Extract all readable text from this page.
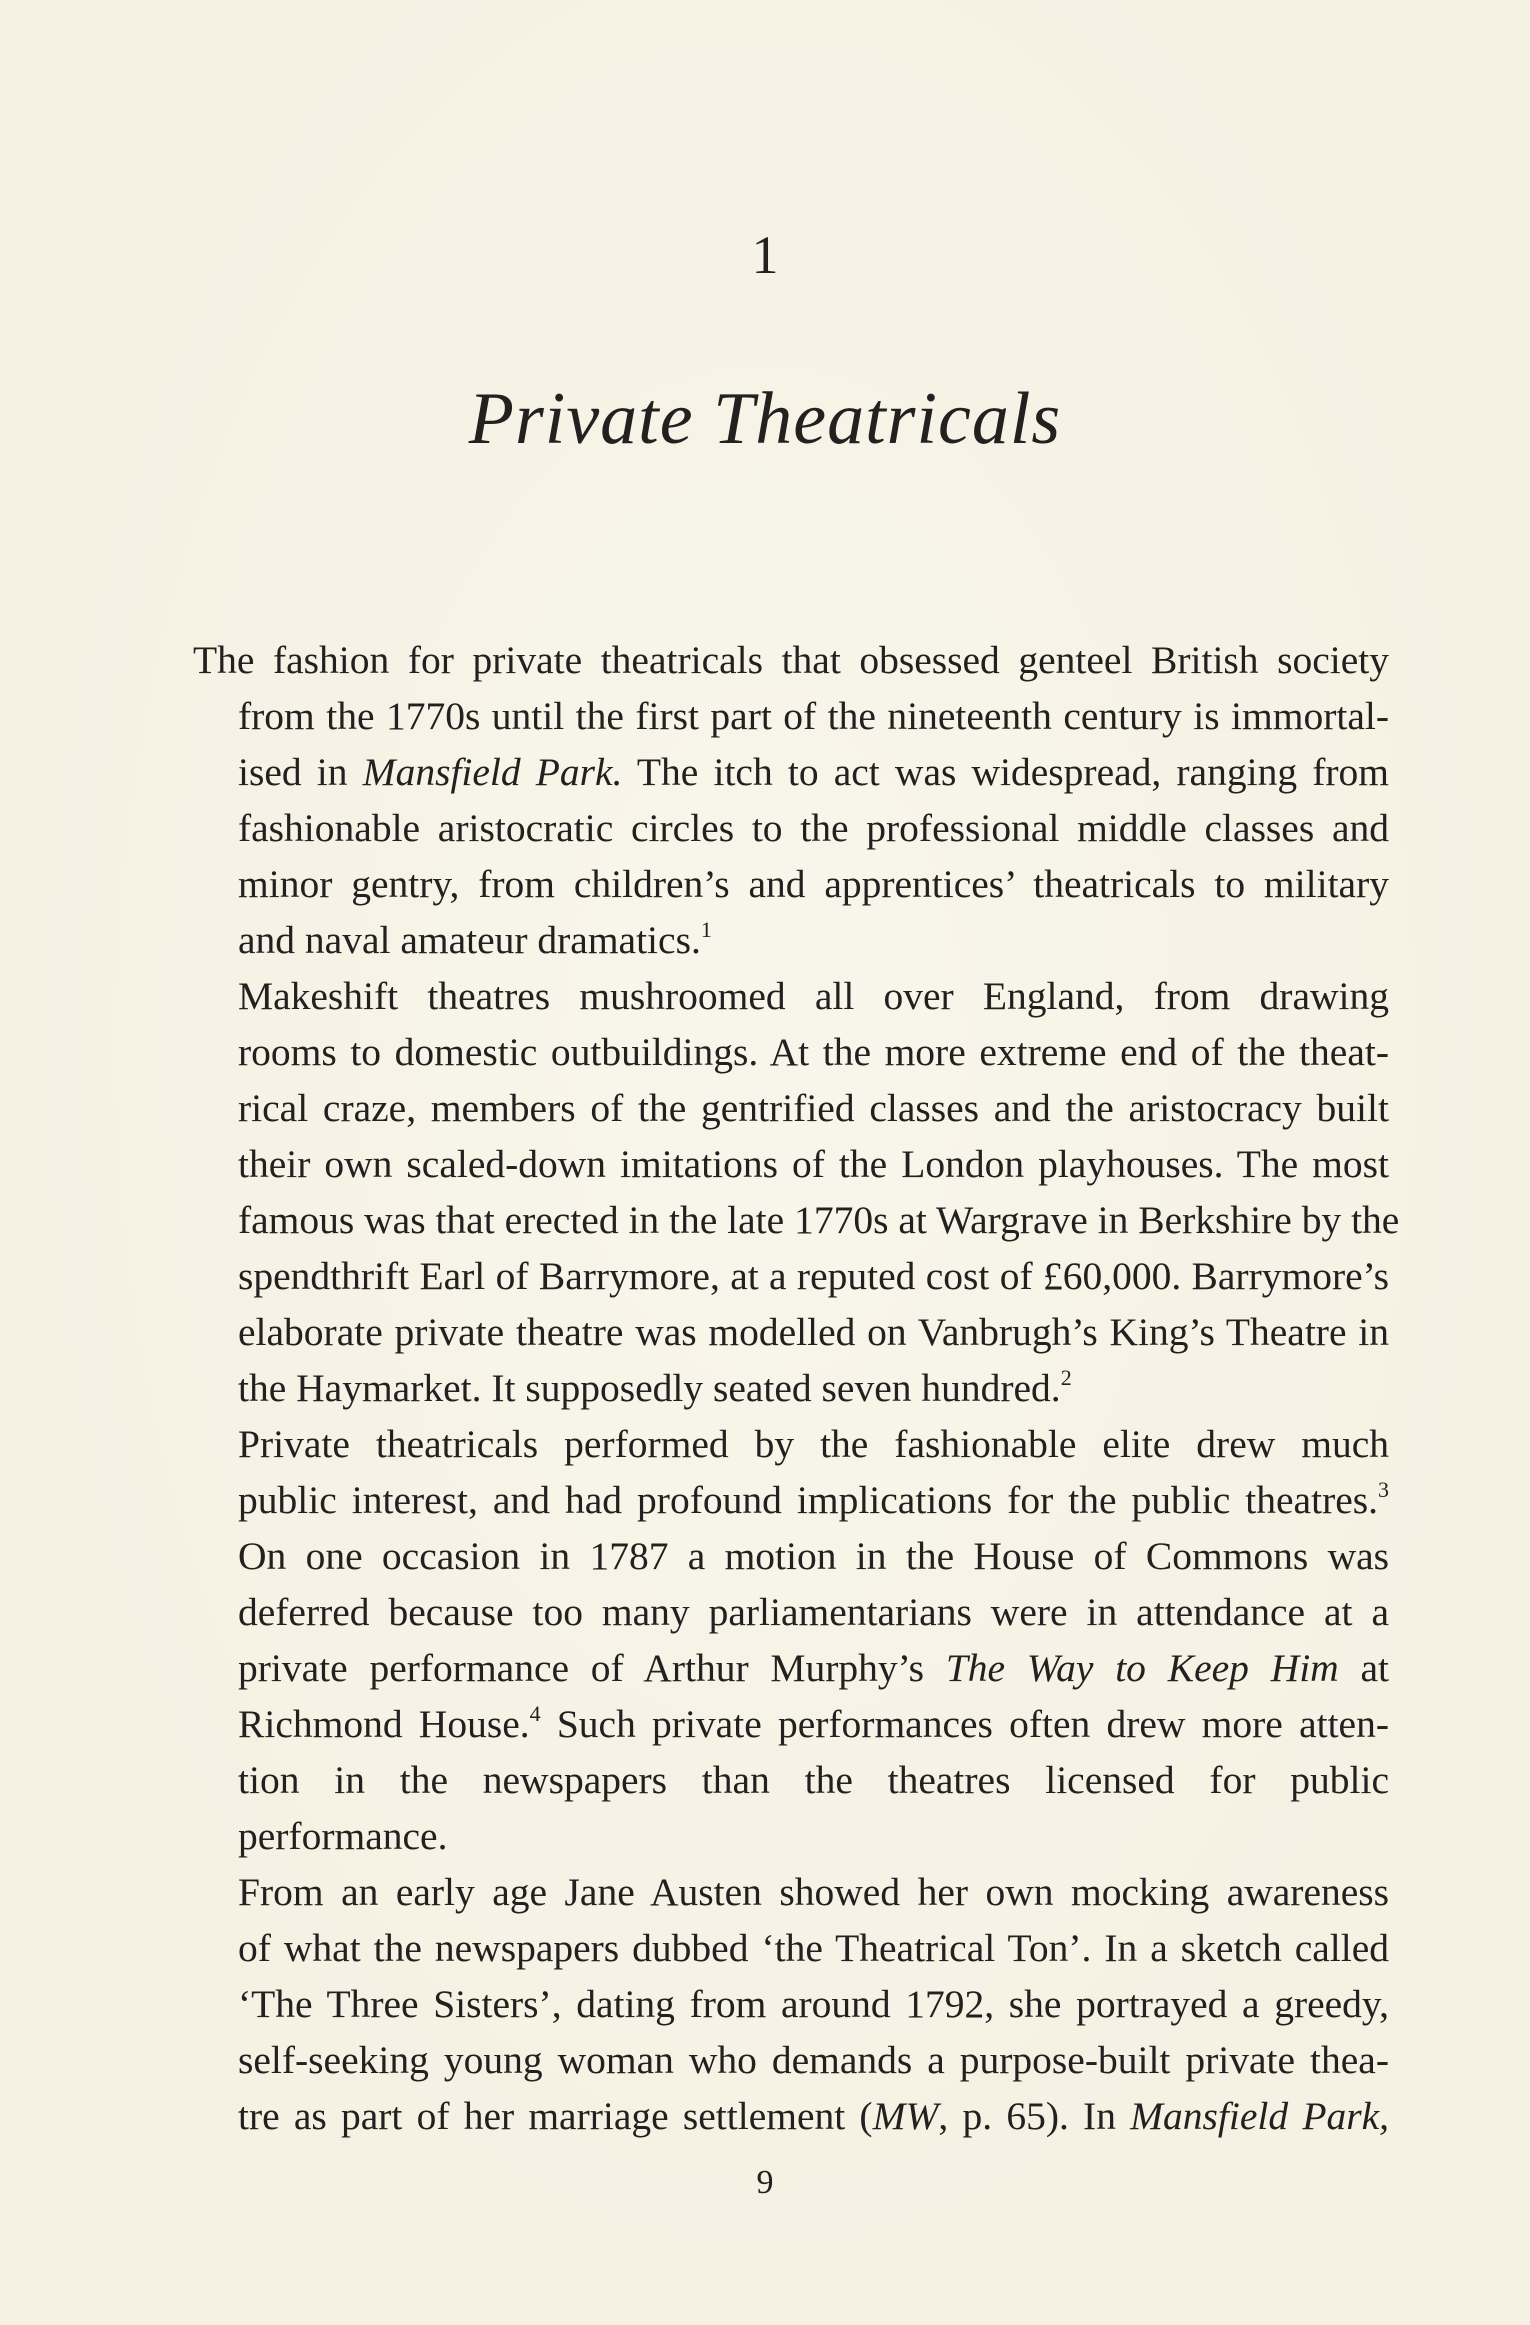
1
Private Theatricals
The fashion for private theatricals that obsessed genteel British society
from the 1770s until the first part of the nineteenth century is immortal-
ised in Mansfield Park. The itch to act was widespread, ranging from
fashionable aristocratic circles to the professional middle classes and
minor gentry, from children’s and apprentices’ theatricals to military
and naval amateur dramatics.$^1$
Makeshift theatres mushroomed all over England, from drawing
rooms to domestic outbuildings. At the more extreme end of the theat-
rical craze, members of the gentrified classes and the aristocracy built
their own scaled-down imitations of the London playhouses. The most
famous was that erected in the late 1770s at Wargrave in Berkshire by the
spendthrift Earl of Barrymore, at a reputed cost of £60,000. Barrymore’s
elaborate private theatre was modelled on Vanbrugh’s King’s Theatre in
the Haymarket. It supposedly seated seven hundred.$^2$
Private theatricals performed by the fashionable elite drew much
public interest, and had profound implications for the public theatres.$^3$
On one occasion in 1787 a motion in the House of Commons was
deferred because too many parliamentarians were in attendance at a
private performance of Arthur Murphy’s The Way to Keep Him at
Richmond House.$^4$ Such private performances often drew more atten-
tion in the newspapers than the theatres licensed for public
performance.
From an early age Jane Austen showed her own mocking awareness
of what the newspapers dubbed ‘the Theatrical Ton’. In a sketch called
‘The Three Sisters’, dating from around 1792, she portrayed a greedy,
self-seeking young woman who demands a purpose-built private thea-
tre as part of her marriage settlement (MW, p. 65). In Mansfield Park,
9
